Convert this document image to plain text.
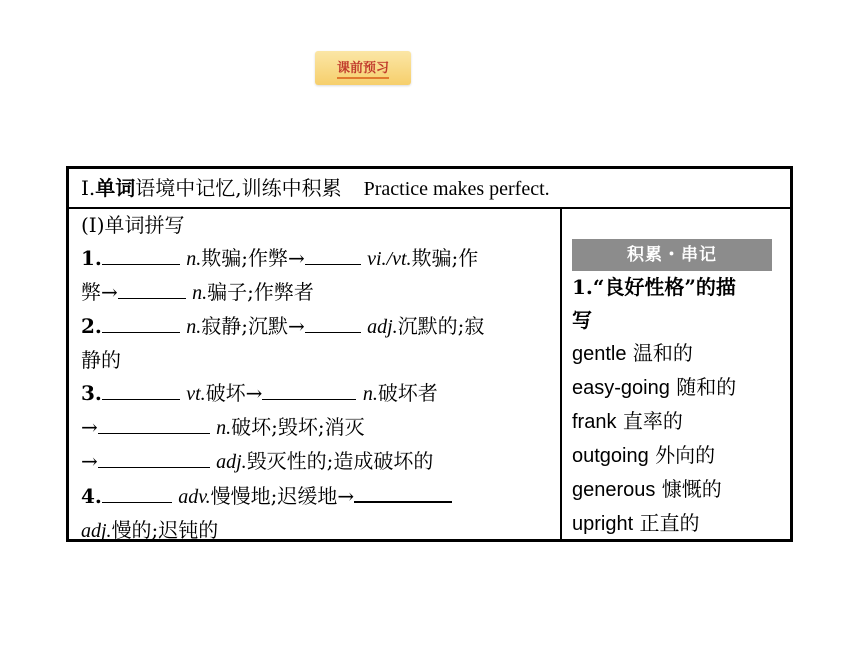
课前预习
Ⅰ.单词语境中记忆,训练中积累 Practice makes perfect.
(Ⅰ)单词拼写
1.	n.欺骗;作弊→	vi./vt.欺骗;作
弊→	n.骗子;作弊者
2.	n.寂静;沉默→	adj.沉默的;寂
静的
3.	vt.破坏→	n.破坏者
→	n.破坏;毁坏;消灭
→	adj.毁灭性的;造成破坏的
4.	adv.慢慢地;迟缓地→
adj.慢的;迟钝的
积累・串记
1.“良好性格”的描
写
gentle 温和的
easy-going 随和的
frank 直率的
outgoing 外向的
generous 慷慨的
upright 正直的
